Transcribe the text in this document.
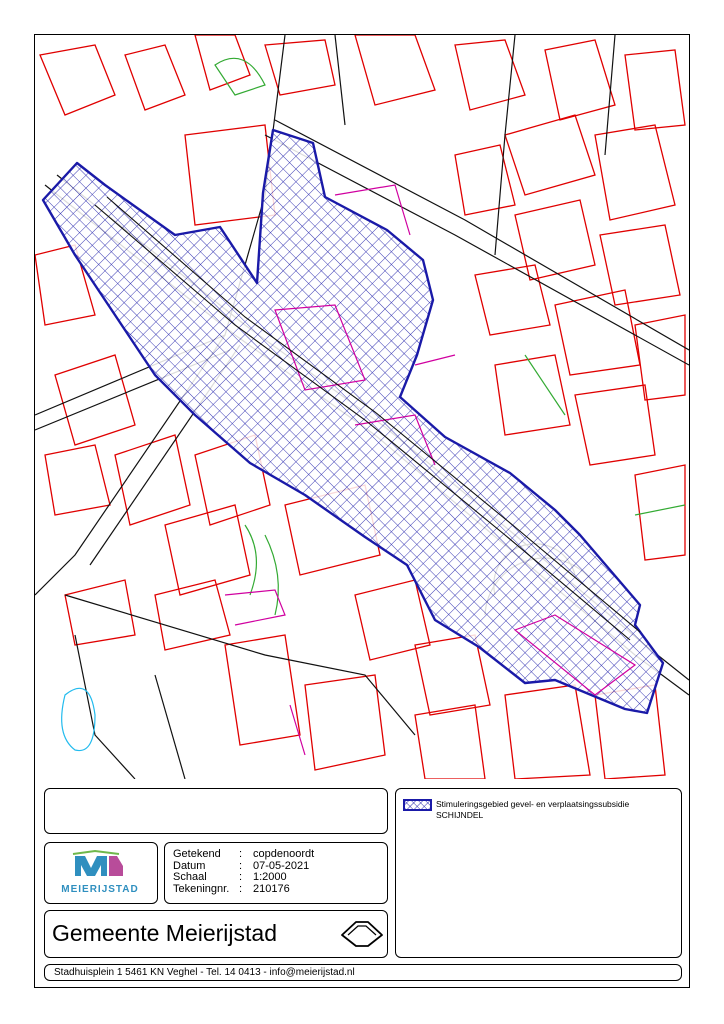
MEIERIJSTAD
Getekend	: copdenoordt
Datum	: 07-05-2021
Schaal	: 1:2000
Tekeningnr. : 210176
Gemeente Meierijstad
Stimuleringsgebied gevel- en verplaatsingssubsidie
SCHIJNDEL
Stadhuisplein 1 5461 KN Veghel - Tel. 14 0413 - info@meierijstad.nl
